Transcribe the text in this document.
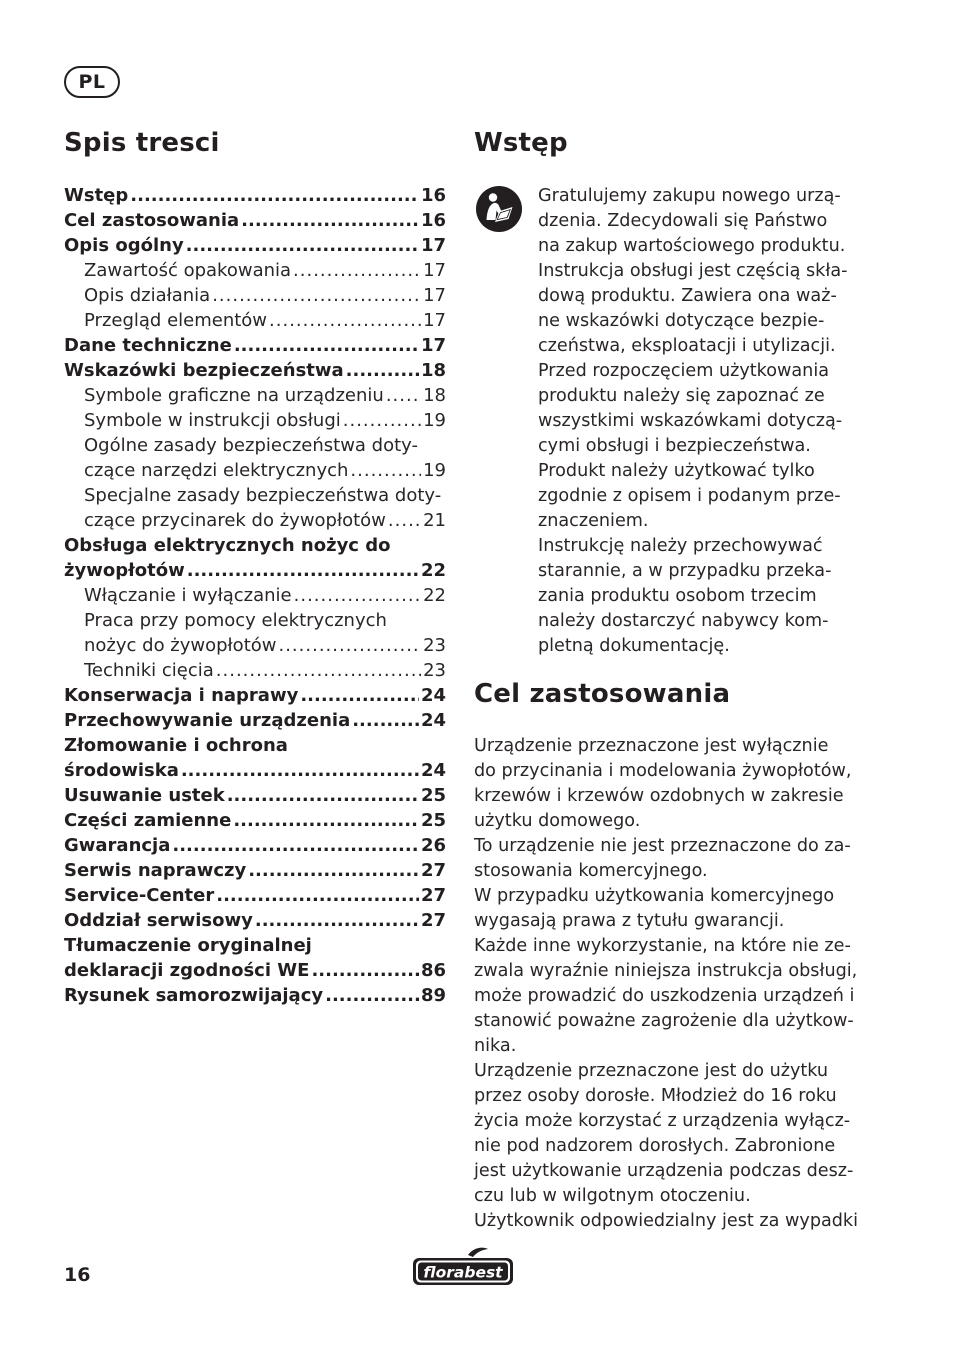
PL
Spis tresci
Wstęp .....	16
Cel zastosowania .....	16
Opis ogólny .....	17
Zawartość opakowania .....	17
Opis działania .....	17
Przegląd elementów .....	17
Dane techniczne .....	17
Wskazówki bezpieczeństwa .....	18
Symbole graficzne na urządzeniu ..... 18
Symbole w instrukcji obsługi .....	19
Ogólne zasady bezpieczeństwa doty-
czące narzędzi elektrycznych .....	19
Specjalne zasady bezpieczeństwa doty-
czące przycinarek do żywopłotów ..... 21
Obsługa elektrycznych nożyc do
żywopłotów .....	22
Włączanie i wyłączanie .....	22
Praca przy pomocy elektrycznych
nożyc do żywopłotów .....	23
Techniki cięcia .....	23
Konserwacja i naprawy .....	24
Przechowywanie urządzenia .....	24
Złomowanie i ochrona
środowiska .....	24
Usuwanie ustek .....	25
Części zamienne .....	25
Gwarancja .....	26
Serwis naprawczy .....	27
Service-Center .....	27
Oddział serwisowy .....	27
Tłumaczenie oryginalnej
deklaracji zgodności WE .....	86
Rysunek samorozwijający .....	89
Wstęp
Gratulujemy zakupu nowego urzą-
dzenia. Zdecydowali się Państwo
na zakup wartościowego produktu.
Instrukcja obsługi jest częścią skła-
dową produktu. Zawiera ona waż-
ne wskazówki dotyczące bezpie-
czeństwa, eksploatacji i utylizacji.
Przed rozpoczęciem użytkowania
produktu należy się zapoznać ze
wszystkimi wskazówkami dotyczą-
cymi obsługi i bezpieczeństwa.
Produkt należy użytkować tylko
zgodnie z opisem i podanym prze-
znaczeniem.
Instrukcję należy przechowywać
starannie, a w przypadku przeka-
zania produktu osobom trzecim
należy dostarczyć nabywcy kom-
pletną dokumentację.
Cel zastosowania
Urządzenie przeznaczone jest wyłącznie
do przycinania i modelowania żywopłotów,
krzewów i krzewów ozdobnych w zakresie
użytku domowego.
To urządzenie nie jest przeznaczone do za-
stosowania komercyjnego.
W przypadku użytkowania komercyjnego
wygasają prawa z tytułu gwarancji.
Każde inne wykorzystanie, na które nie ze-
zwala wyraźnie niniejsza instrukcja obsługi,
może prowadzić do uszkodzenia urządzeń i
stanowić poważne zagrożenie dla użytkow-
nika.
Urządzenie przeznaczone jest do użytku
przez osoby dorosłe. Młodzież do 16 roku
życia może korzystać z urządzenia wyłącz-
nie pod nadzorem dorosłych. Zabronione
jest użytkowanie urządzenia podczas desz-
czu lub w wilgotnym otoczeniu.
Użytkownik odpowiedzialny jest za wypadki
16	florabest
